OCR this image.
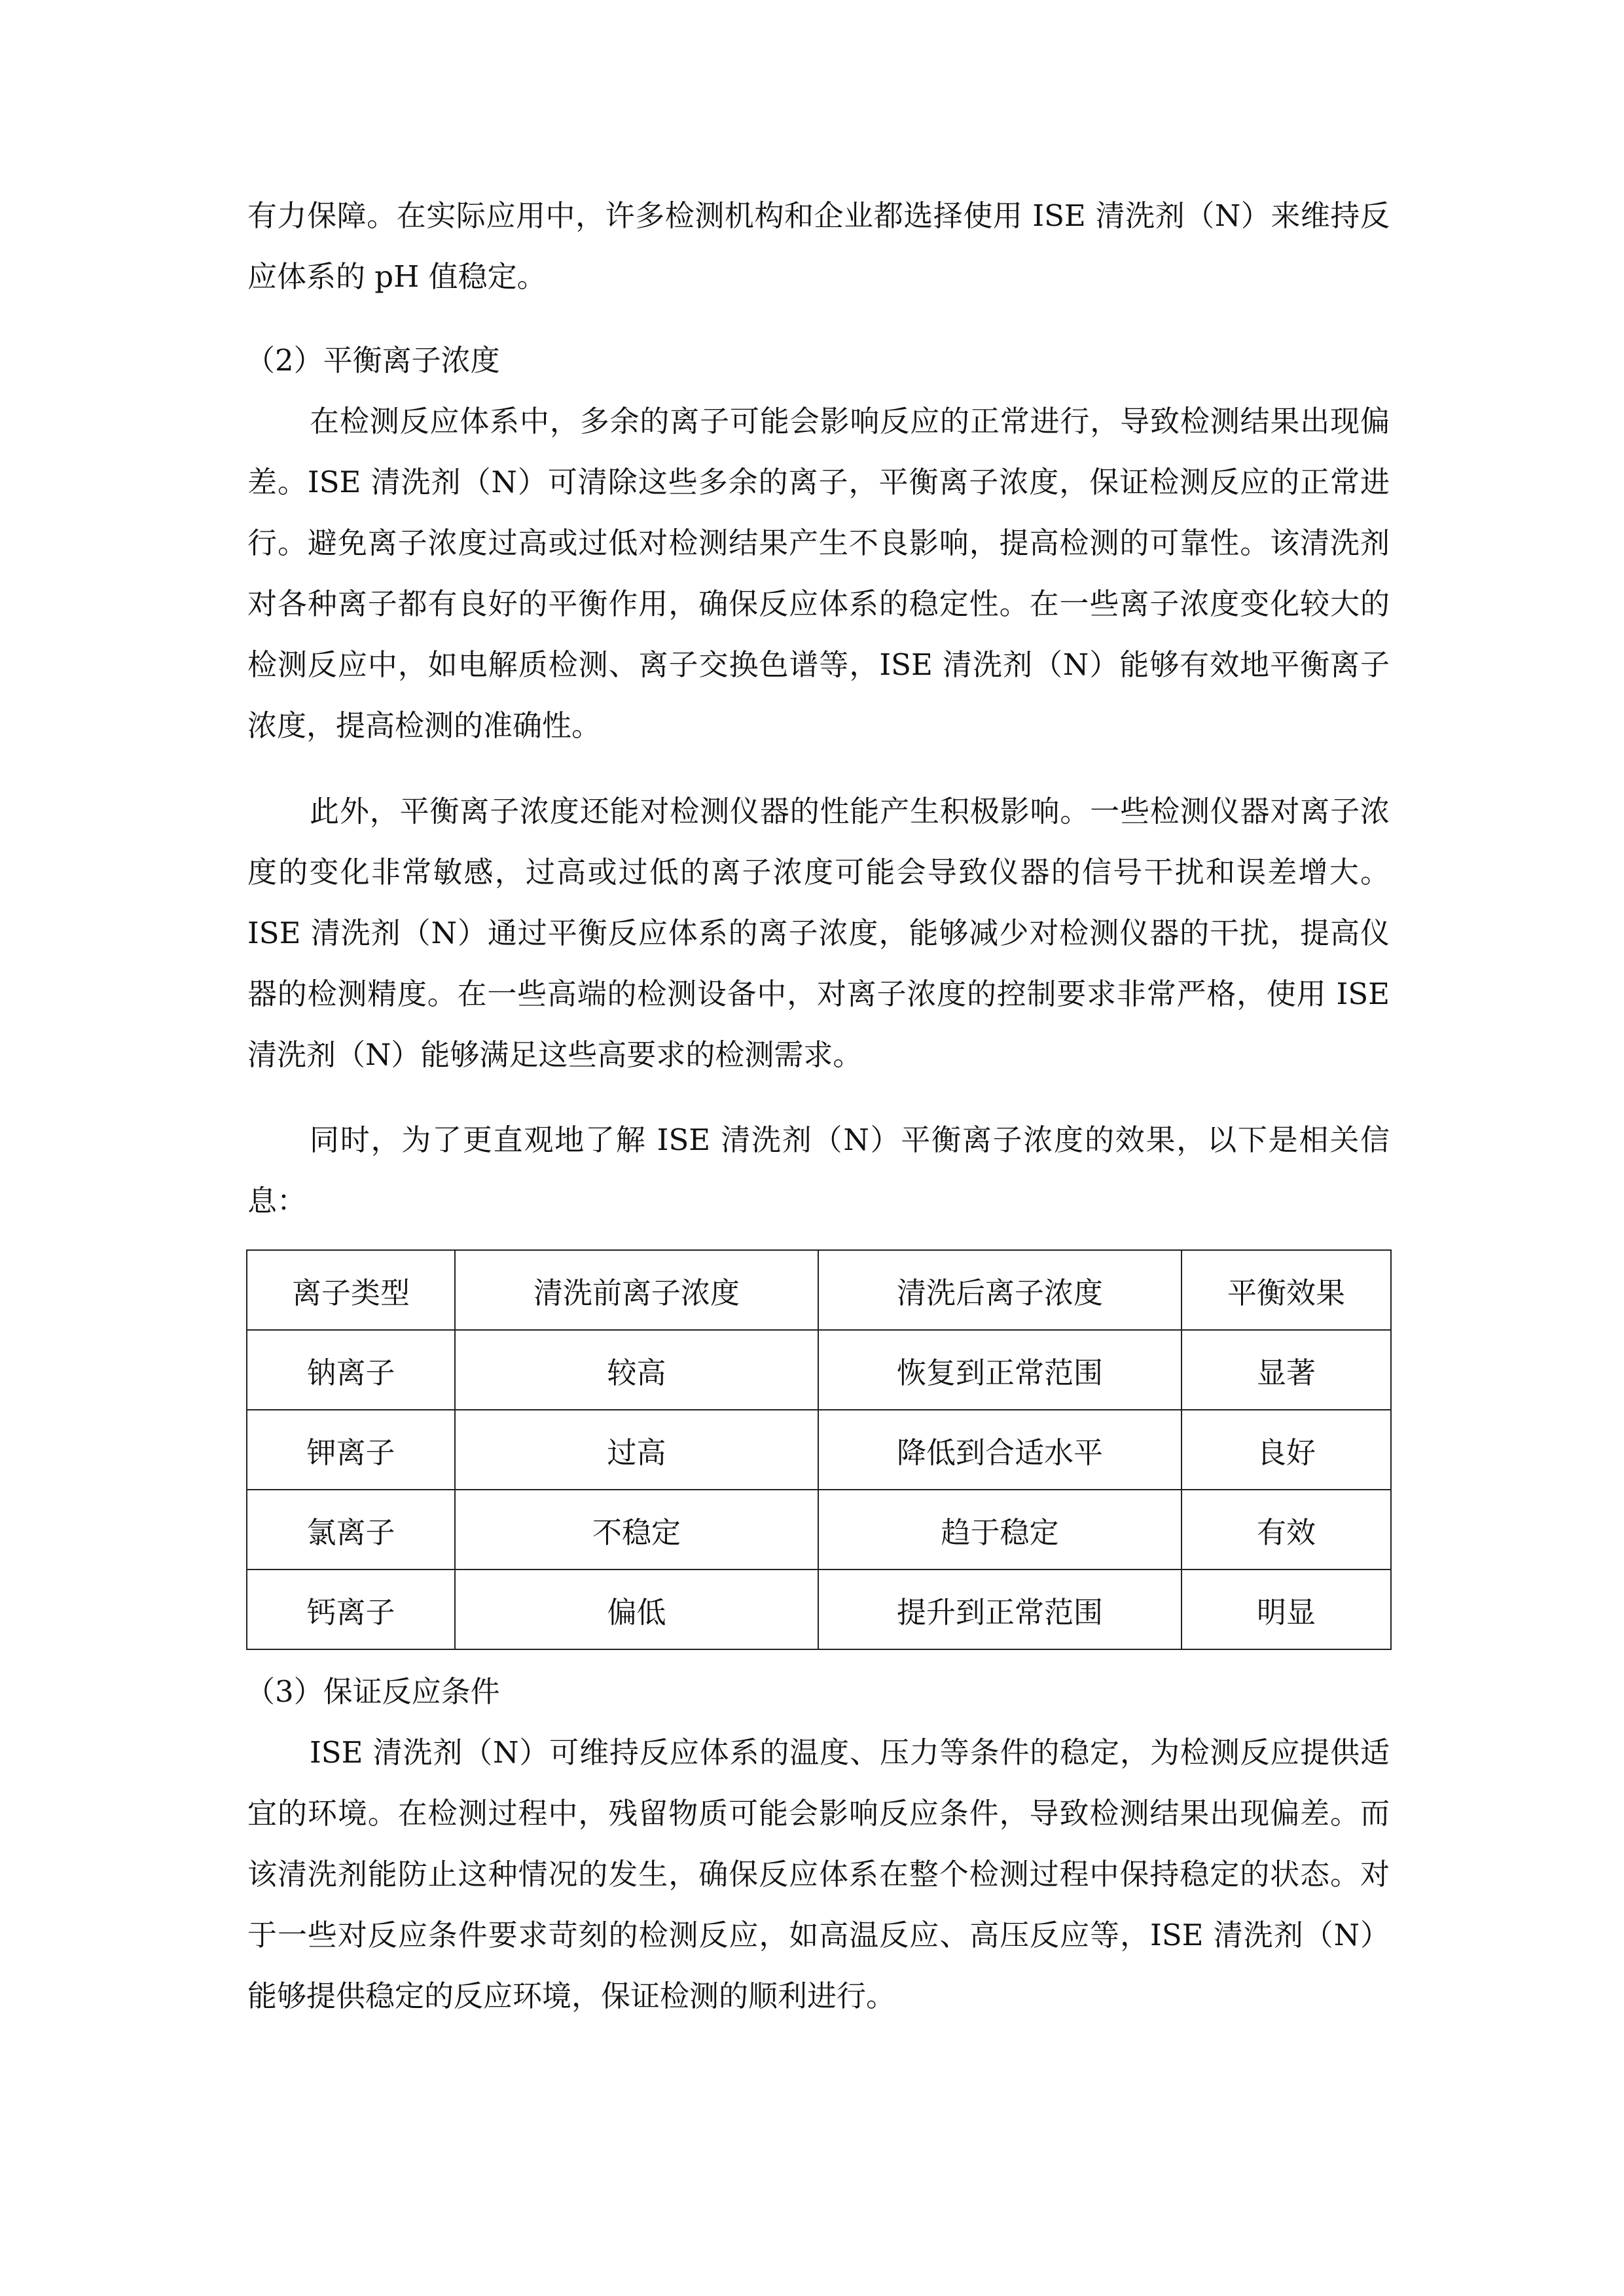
有力保障。在实际应用中，许多检测机构和企业都选择使用 ISE 清洗剂（N）来维持反应体系的 pH 值稳定。

（2）平衡离子浓度

在检测反应体系中，多余的离子可能会影响反应的正常进行，导致检测结果出现偏差。ISE 清洗剂（N）可清除这些多余的离子，平衡离子浓度，保证检测反应的正常进行。避免离子浓度过高或过低对检测结果产生不良影响，提高检测的可靠性。该清洗剂对各种离子都有良好的平衡作用，确保反应体系的稳定性。在一些离子浓度变化较大的检测反应中，如电解质检测、离子交换色谱等，ISE 清洗剂（N）能够有效地平衡离子浓度，提高检测的准确性。

此外，平衡离子浓度还能对检测仪器的性能产生积极影响。一些检测仪器对离子浓度的变化非常敏感，过高或过低的离子浓度可能会导致仪器的信号干扰和误差增大。ISE 清洗剂（N）通过平衡反应体系的离子浓度，能够减少对检测仪器的干扰，提高仪器的检测精度。在一些高端的检测设备中，对离子浓度的控制要求非常严格，使用 ISE 清洗剂（N）能够满足这些高要求的检测需求。

同时，为了更直观地了解 ISE 清洗剂（N）平衡离子浓度的效果，以下是相关信息：

离子类型	清洗前离子浓度	清洗后离子浓度	平衡效果
钠离子	较高	恢复到正常范围	显著
钾离子	过高	降低到合适水平	良好
氯离子	不稳定	趋于稳定	有效
钙离子	偏低	提升到正常范围	明显

（3）保证反应条件

ISE 清洗剂（N）可维持反应体系的温度、压力等条件的稳定，为检测反应提供适宜的环境。在检测过程中，残留物质可能会影响反应条件，导致检测结果出现偏差。而该清洗剂能防止这种情况的发生，确保反应体系在整个检测过程中保持稳定的状态。对于一些对反应条件要求苛刻的检测反应，如高温反应、高压反应等，ISE 清洗剂（N）能够提供稳定的反应环境，保证检测的顺利进行。
